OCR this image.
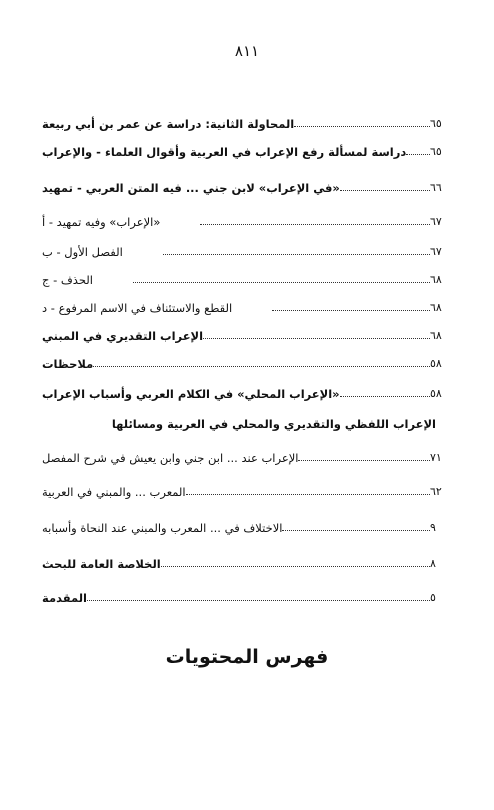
٨١١
٦٥
المحاولة الثانية: دراسة عن عمر بن أبي ربيعة
٦٥
دراسة لمسألة رفع الإعراب في العربية وأقوال العلماء - والإعراب
٦٦
«في الإعراب» لابن جني ... فيه المتن العربي - تمهيد
٦٧
«الإعراب» وفيه تمهيد - أ
٦٧
الفصل الأول - ب
٦٨
الحذف - ج
٦٨
القطع والاستئناف في الاسم المرفوع - د
٦٨
الإعراب التقديري في المبني
٥٨
ملاحظات
٥٨
«الإعراب المحلي» في الكلام العربي وأسباب الإعراب
الإعراب اللفظي والتقديري والمحلي في العربية ومسائلها
٧١
الإعراب عند ... ابن جني وابن يعيش في شرح المفصل
٦٢
المعرب ... والمبني في العربية
٩
الاختلاف في ... المعرب والمبني عند النحاة وأسبابه
٨
الخلاصة العامة للبحث
٥
المقدمة
فهرس المحتويات
